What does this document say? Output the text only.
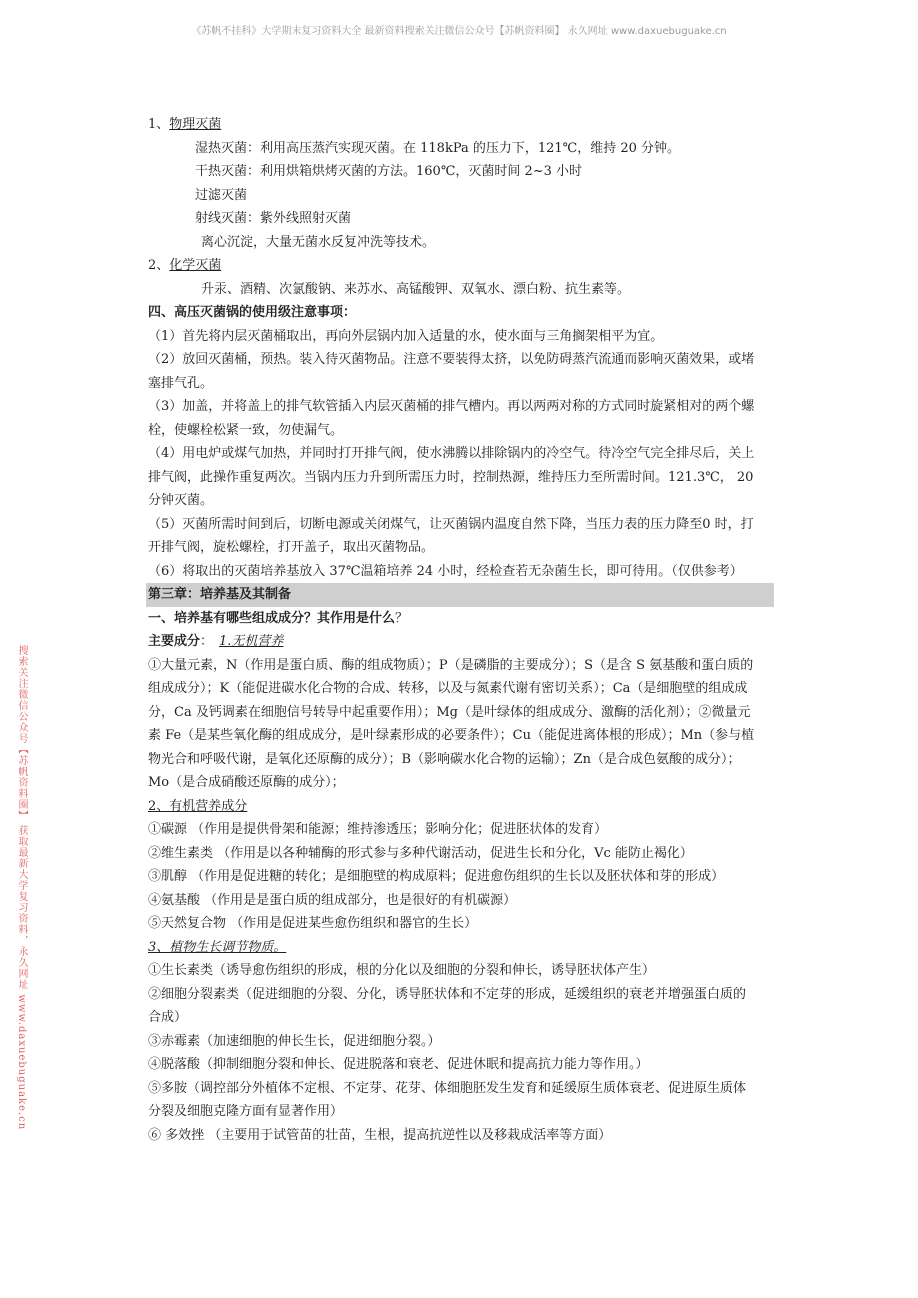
《苏帆不挂科》大学期末复习资料大全 最新资料搜索关注微信公众号【苏帆资料圈】 永久网址 www.daxuebuguake.cn
搜索关注微信公众号【苏帆资料圈】 获取最新大学复习资料，永久网址 www.daxuebuguake.cn
1、物理灭菌
湿热灭菌：利用高压蒸汽实现灭菌。在 118kPa 的压力下，121℃，维持 20 分钟。
干热灭菌：利用烘箱烘烤灭菌的方法。160℃，灭菌时间 2~3 小时
过滤灭菌
射线灭菌：紫外线照射灭菌
离心沉淀，大量无菌水反复冲洗等技术。
2、化学灭菌
升汞、酒精、次氯酸钠、来苏水、高锰酸钾、双氧水、漂白粉、抗生素等。
四、高压灭菌锅的使用级注意事项：
（1）首先将内层灭菌桶取出，再向外层锅内加入适量的水，使水面与三角搁架相平为宜。
（2）放回灭菌桶，预热。装入待灭菌物品。注意不要装得太挤，以免防碍蒸汽流通而影响灭菌效果，或堵
塞排气孔。
（3）加盖，并将盖上的排气软管插入内层灭菌桶的排气槽内。再以两两对称的方式同时旋紧相对的两个螺
栓，使螺栓松紧一致，勿使漏气。
（4）用电炉或煤气加热，并同时打开排气阀，使水沸腾以排除锅内的冷空气。待冷空气完全排尽后，关上
排气阀，此操作重复两次。当锅内压力升到所需压力时，控制热源，维持压力至所需时间。121.3℃， 20
分钟灭菌。
（5）灭菌所需时间到后，切断电源或关闭煤气，让灭菌锅内温度自然下降，当压力表的压力降至0 时，打
开排气阀，旋松螺栓，打开盖子，取出灭菌物品。
（6）将取出的灭菌培养基放入 37℃温箱培养 24 小时，经检查若无杂菌生长，即可待用。（仅供参考）
第三章：培养基及其制备
一、培养基有哪些组成成分？其作用是什么？
主要成分： 1.无机营养
①大量元素，N（作用是蛋白质、酶的组成物质）；P（是磷脂的主要成分）；S（是含 S 氨基酸和蛋白质的
组成成分）；K（能促进碳水化合物的合成、转移，以及与氮素代谢有密切关系）；Ca（是细胞壁的组成成
分，Ca 及钙调素在细胞信号转导中起重要作用）；Mg（是叶绿体的组成成分、激酶的活化剂）；②微量元
素 Fe（是某些氧化酶的组成成分，是叶绿素形成的必要条件）；Cu（能促进离体根的形成）；Mn（参与植
物光合和呼吸代谢，是氧化还原酶的成分）；B（影响碳水化合物的运输）；Zn（是合成色氨酸的成分）；
Mo（是合成硝酸还原酶的成分）；
2、有机营养成分
①碳源 （作用是提供骨架和能源；维持渗透压；影响分化；促进胚状体的发育）
②维生素类 （作用是以各种辅酶的形式参与多种代谢活动，促进生长和分化，Vc 能防止褐化）
③肌醇 （作用是促进糖的转化；是细胞壁的构成原料；促进愈伤组织的生长以及胚状体和芽的形成）
④氨基酸 （作用是是蛋白质的组成部分，也是很好的有机碳源）
⑤天然复合物 （作用是促进某些愈伤组织和器官的生长）
3、植物生长调节物质。
①生长素类（诱导愈伤组织的形成，根的分化以及细胞的分裂和伸长，诱导胚状体产生）
②细胞分裂素类（促进细胞的分裂、分化，诱导胚状体和不定芽的形成，延缓组织的衰老并增强蛋白质的
合成）
③赤霉素（加速细胞的伸长生长，促进细胞分裂。）
④脱落酸（抑制细胞分裂和伸长、促进脱落和衰老、促进休眠和提高抗力能力等作用。）
⑤多胺（调控部分外植体不定根、不定芽、花芽、体细胞胚发生发育和延缓原生质体衰老、促进原生质体
分裂及细胞克隆方面有显著作用）
⑥ 多效挫 （主要用于试管苗的壮苗，生根，提高抗逆性以及移栽成活率等方面）
